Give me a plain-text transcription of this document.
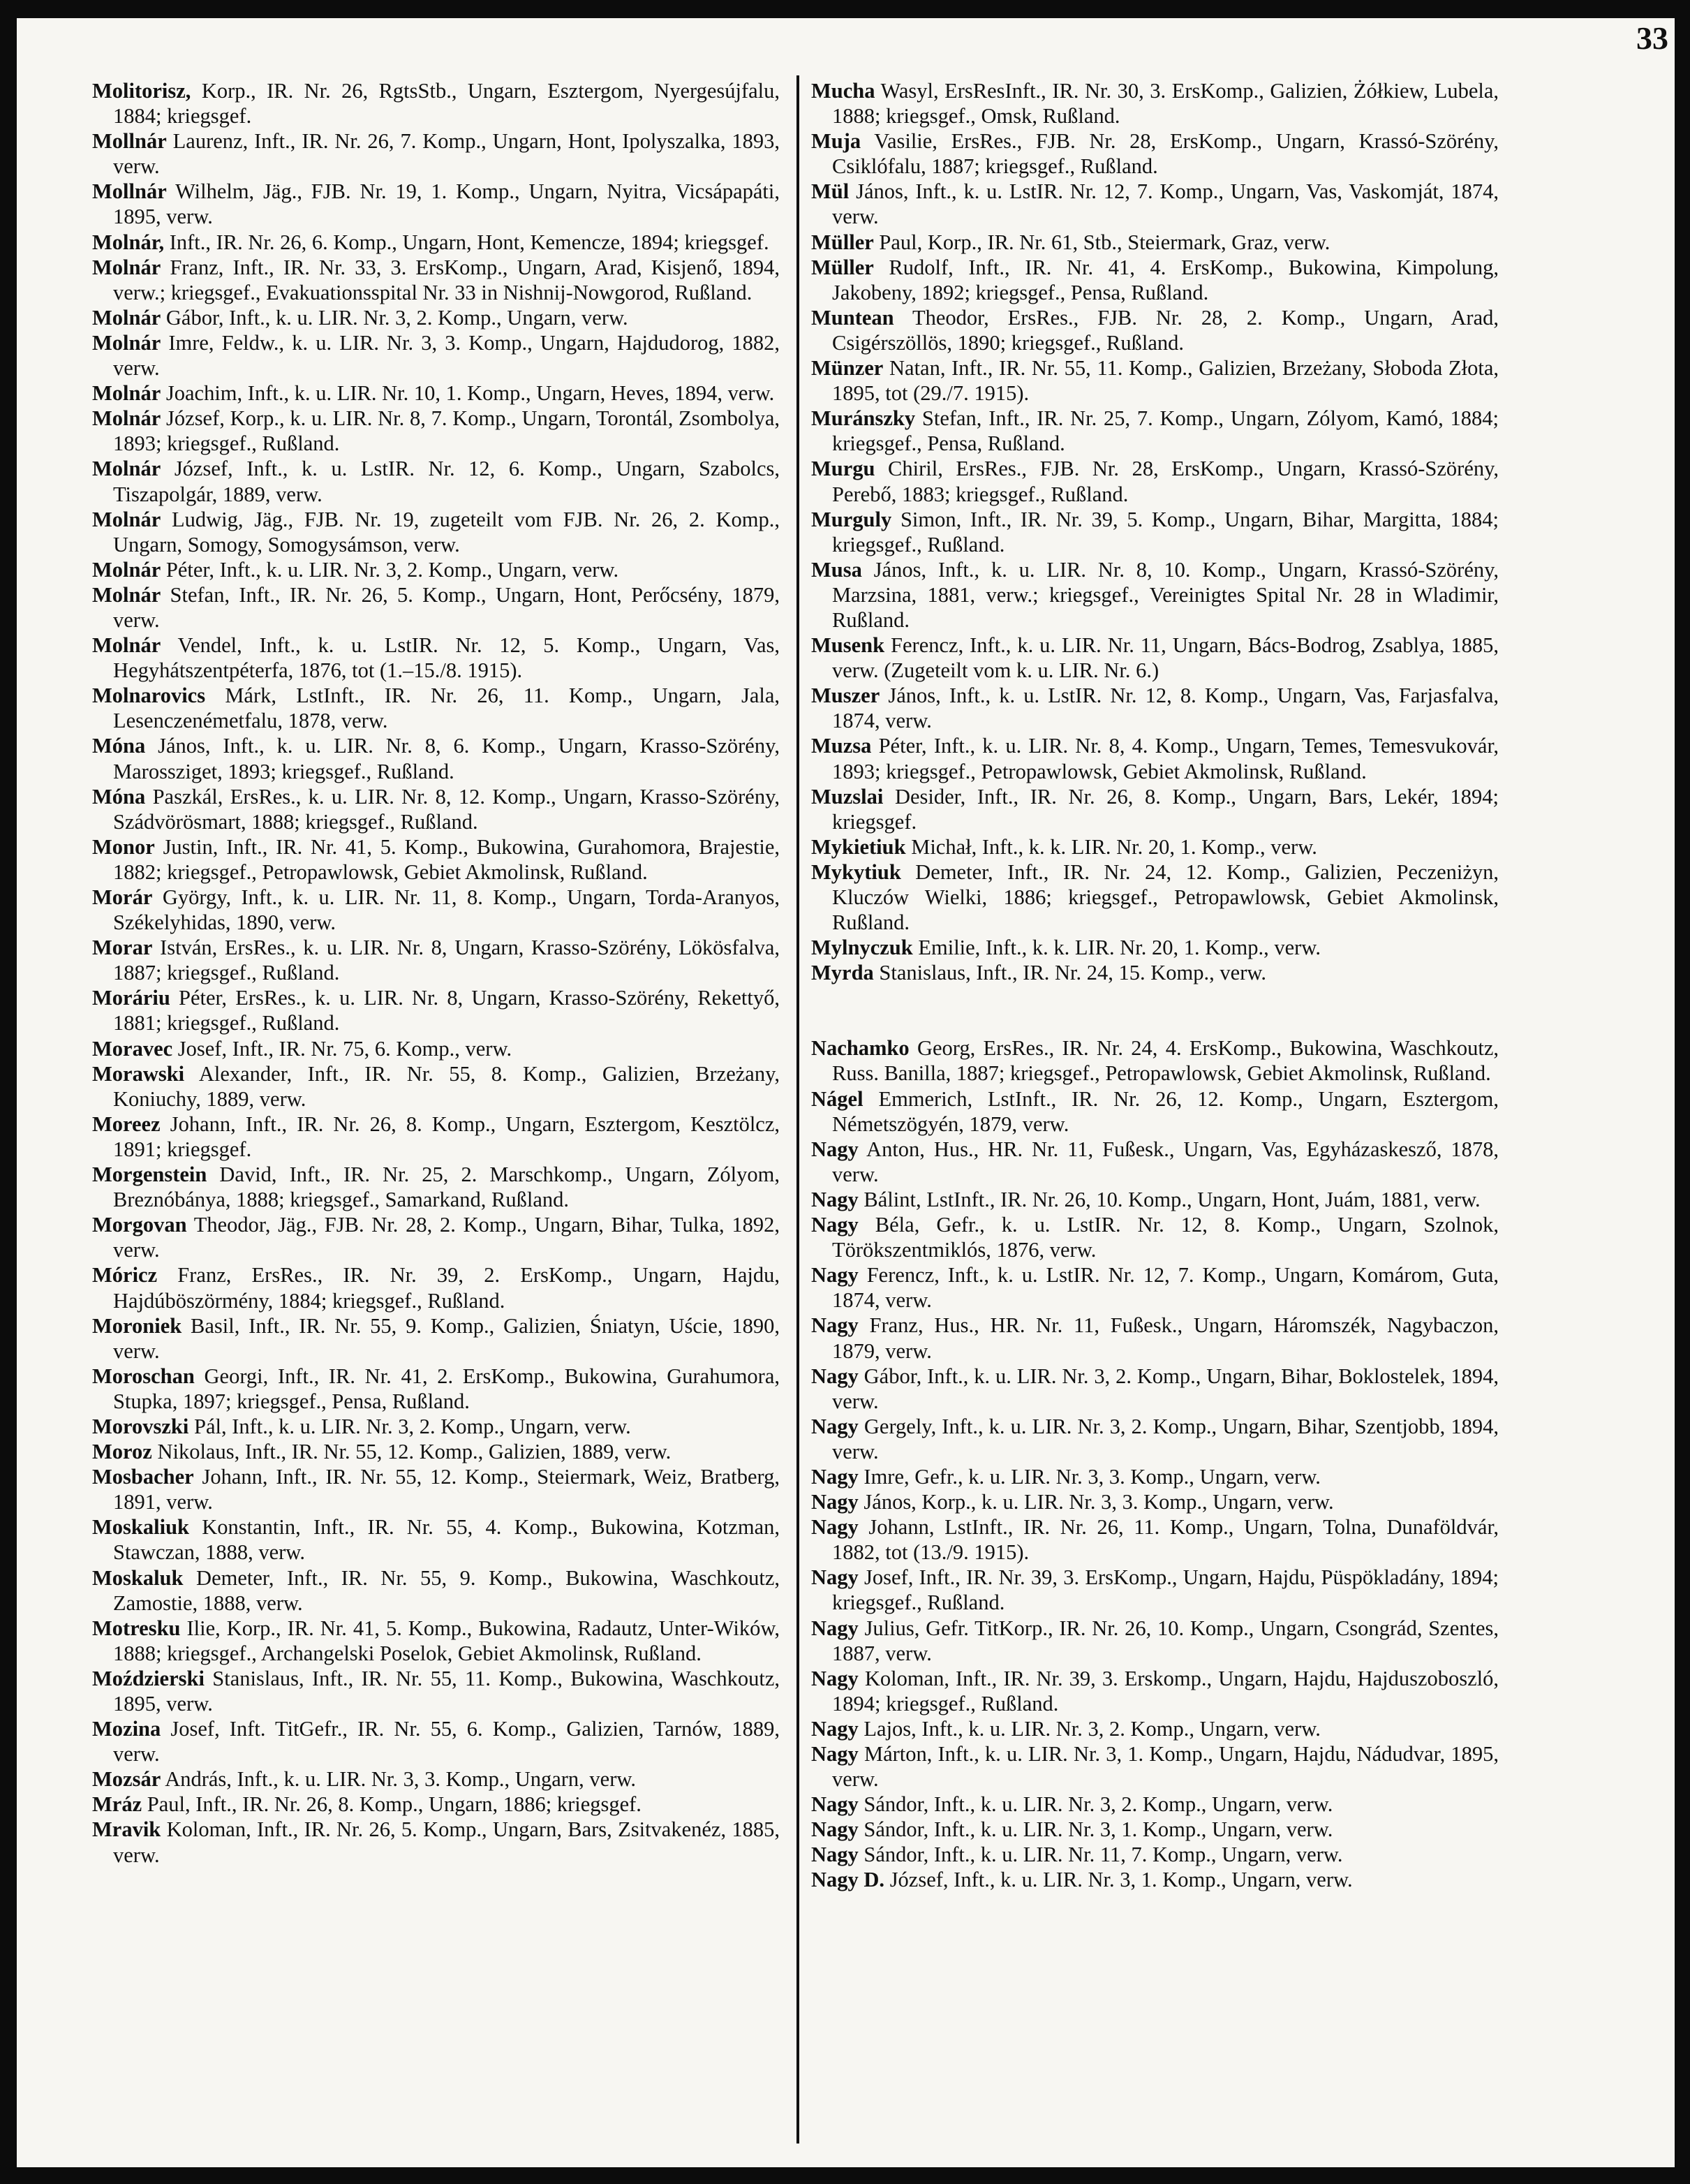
33

Molitorisz, Korp., IR. Nr. 26, RgtsStb., Ungarn, Esztergom, Nyergesújfalu, 1884; kriegsgef.

Mollnár Laurenz, Inft., IR. Nr. 26, 7. Komp., Ungarn, Hont, Ipolyszalka, 1893, verw.

Mollnár Wilhelm, Jäg., FJB. Nr. 19, 1. Komp., Ungarn, Nyitra, Vicsápapáti, 1895, verw.

Molnár, Inft., IR. Nr. 26, 6. Komp., Ungarn, Hont, Kemencze, 1894; kriegsgef.

Molnár Franz, Inft., IR. Nr. 33, 3. ErsKomp., Ungarn, Arad, Kisjenő, 1894, verw.; kriegsgef., Evakuationsspital Nr. 33 in Nishnij-Nowgorod, Rußland.

Molnár Gábor, Inft., k. u. LIR. Nr. 3, 2. Komp., Ungarn, verw.

Molnár Imre, Feldw., k. u. LIR. Nr. 3, 3. Komp., Ungarn, Hajdudorog, 1882, verw.

Molnár Joachim, Inft., k. u. LIR. Nr. 10, 1. Komp., Ungarn, Heves, 1894, verw.

Molnár József, Korp., k. u. LIR. Nr. 8, 7. Komp., Ungarn, Torontál, Zsombolya, 1893; kriegsgef., Rußland.

Molnár József, Inft., k. u. LstIR. Nr. 12, 6. Komp., Ungarn, Szabolcs, Tiszapolgár, 1889, verw.

Molnár Ludwig, Jäg., FJB. Nr. 19, zugeteilt vom FJB. Nr. 26, 2. Komp., Ungarn, Somogy, Somogysámson, verw.

Molnár Péter, Inft., k. u. LIR. Nr. 3, 2. Komp., Ungarn, verw.

Molnár Stefan, Inft., IR. Nr. 26, 5. Komp., Ungarn, Hont, Perőcsény, 1879, verw.

Molnár Vendel, Inft., k. u. LstIR. Nr. 12, 5. Komp., Ungarn, Vas, Hegyhátszentpéterfa, 1876, tot (1.–15./8. 1915).

Molnarovics Márk, LstInft., IR. Nr. 26, 11. Komp., Ungarn, Jala, Lesenczenémetfalu, 1878, verw.

Móna János, Inft., k. u. LIR. Nr. 8, 6. Komp., Ungarn, Krasso-Szörény, Marossziget, 1893; kriegsgef., Rußland.

Móna Paszkál, ErsRes., k. u. LIR. Nr. 8, 12. Komp., Ungarn, Krasso-Szörény, Szádvörösmart, 1888; kriegsgef., Rußland.

Monor Justin, Inft., IR. Nr. 41, 5. Komp., Bukowina, Gurahomora, Brajestie, 1882; kriegsgef., Petropawlowsk, Gebiet Akmolinsk, Rußland.

Morár György, Inft., k. u. LIR. Nr. 11, 8. Komp., Ungarn, Torda-Aranyos, Székelyhidas, 1890, verw.

Morar István, ErsRes., k. u. LIR. Nr. 8, Ungarn, Krasso-Szörény, Lökösfalva, 1887; kriegsgef., Rußland.

Moráriu Péter, ErsRes., k. u. LIR. Nr. 8, Ungarn, Krasso-Szörény, Rekettyő, 1881; kriegsgef., Rußland.

Moravec Josef, Inft., IR. Nr. 75, 6. Komp., verw.

Morawski Alexander, Inft., IR. Nr. 55, 8. Komp., Galizien, Brzeżany, Koniuchy, 1889, verw.

Moreez Johann, Inft., IR. Nr. 26, 8. Komp., Ungarn, Esztergom, Kesztölcz, 1891; kriegsgef.

Morgenstein David, Inft., IR. Nr. 25, 2. Marschkomp., Ungarn, Zólyom, Breznóbánya, 1888; kriegsgef., Samarkand, Rußland.

Morgovan Theodor, Jäg., FJB. Nr. 28, 2. Komp., Ungarn, Bihar, Tulka, 1892, verw.

Móricz Franz, ErsRes., IR. Nr. 39, 2. ErsKomp., Ungarn, Hajdu, Hajdúböszörmény, 1884; kriegsgef., Rußland.

Moroniek Basil, Inft., IR. Nr. 55, 9. Komp., Galizien, Śniatyn, Uście, 1890, verw.

Moroschan Georgi, Inft., IR. Nr. 41, 2. ErsKomp., Bukowina, Gurahumora, Stupka, 1897; kriegsgef., Pensa, Rußland.

Morovszki Pál, Inft., k. u. LIR. Nr. 3, 2. Komp., Ungarn, verw.

Moroz Nikolaus, Inft., IR. Nr. 55, 12. Komp., Galizien, 1889, verw.

Mosbacher Johann, Inft., IR. Nr. 55, 12. Komp., Steiermark, Weiz, Bratberg, 1891, verw.

Moskaliuk Konstantin, Inft., IR. Nr. 55, 4. Komp., Bukowina, Kotzman, Stawczan, 1888, verw.

Moskaluk Demeter, Inft., IR. Nr. 55, 9. Komp., Bukowina, Waschkoutz, Zamostie, 1888, verw.

Motresku Ilie, Korp., IR. Nr. 41, 5. Komp., Bukowina, Radautz, Unter-Wików, 1888; kriegsgef., Archangelski Poselok, Gebiet Akmolinsk, Rußland.

Moździerski Stanislaus, Inft., IR. Nr. 55, 11. Komp., Bukowina, Waschkoutz, 1895, verw.

Mozina Josef, Inft. TitGefr., IR. Nr. 55, 6. Komp., Galizien, Tarnów, 1889, verw.

Mozsár András, Inft., k. u. LIR. Nr. 3, 3. Komp., Ungarn, verw.

Mráz Paul, Inft., IR. Nr. 26, 8. Komp., Ungarn, 1886; kriegsgef.

Mravik Koloman, Inft., IR. Nr. 26, 5. Komp., Ungarn, Bars, Zsitvakenéz, 1885, verw.

Mucha Wasyl, ErsResInft., IR. Nr. 30, 3. ErsKomp., Galizien, Żółkiew, Lubela, 1888; kriegsgef., Omsk, Rußland.

Muja Vasilie, ErsRes., FJB. Nr. 28, ErsKomp., Ungarn, Krassó-Szörény, Csiklófalu, 1887; kriegsgef., Rußland.

Mül János, Inft., k. u. LstIR. Nr. 12, 7. Komp., Ungarn, Vas, Vaskomját, 1874, verw.

Müller Paul, Korp., IR. Nr. 61, Stb., Steiermark, Graz, verw.

Müller Rudolf, Inft., IR. Nr. 41, 4. ErsKomp., Bukowina, Kimpolung, Jakobeny, 1892; kriegsgef., Pensa, Rußland.

Muntean Theodor, ErsRes., FJB. Nr. 28, 2. Komp., Ungarn, Arad, Csigérszöllös, 1890; kriegsgef., Rußland.

Münzer Natan, Inft., IR. Nr. 55, 11. Komp., Galizien, Brzeżany, Słoboda Złota, 1895, tot (29./7. 1915).

Muránszky Stefan, Inft., IR. Nr. 25, 7. Komp., Ungarn, Zólyom, Kamó, 1884; kriegsgef., Pensa, Rußland.

Murgu Chiril, ErsRes., FJB. Nr. 28, ErsKomp., Ungarn, Krassó-Szörény, Perebő, 1883; kriegsgef., Rußland.

Murguly Simon, Inft., IR. Nr. 39, 5. Komp., Ungarn, Bihar, Margitta, 1884; kriegsgef., Rußland.

Musa János, Inft., k. u. LIR. Nr. 8, 10. Komp., Ungarn, Krassó-Szörény, Marzsina, 1881, verw.; kriegsgef., Vereinigtes Spital Nr. 28 in Wladimir, Rußland.

Musenk Ferencz, Inft., k. u. LIR. Nr. 11, Ungarn, Bács-Bodrog, Zsablya, 1885, verw. (Zugeteilt vom k. u. LIR. Nr. 6.)

Muszer János, Inft., k. u. LstIR. Nr. 12, 8. Komp., Ungarn, Vas, Farjasfalva, 1874, verw.

Muzsa Péter, Inft., k. u. LIR. Nr. 8, 4. Komp., Ungarn, Temes, Temesvukovár, 1893; kriegsgef., Petropawlowsk, Gebiet Akmolinsk, Rußland.

Muzslai Desider, Inft., IR. Nr. 26, 8. Komp., Ungarn, Bars, Lekér, 1894; kriegsgef.

Mykietiuk Michał, Inft., k. k. LIR. Nr. 20, 1. Komp., verw.

Mykytiuk Demeter, Inft., IR. Nr. 24, 12. Komp., Galizien, Peczeniżyn, Kluczów Wielki, 1886; kriegsgef., Petropawlowsk, Gebiet Akmolinsk, Rußland.

Mylnyczuk Emilie, Inft., k. k. LIR. Nr. 20, 1. Komp., verw.

Myrda Stanislaus, Inft., IR. Nr. 24, 15. Komp., verw.

Nachamko Georg, ErsRes., IR. Nr. 24, 4. ErsKomp., Bukowina, Waschkoutz, Russ. Banilla, 1887; kriegsgef., Petropawlowsk, Gebiet Akmolinsk, Rußland.

Nágel Emmerich, LstInft., IR. Nr. 26, 12. Komp., Ungarn, Esztergom, Németszögyén, 1879, verw.

Nagy Anton, Hus., HR. Nr. 11, Fußesk., Ungarn, Vas, Egyházaskesző, 1878, verw.

Nagy Bálint, LstInft., IR. Nr. 26, 10. Komp., Ungarn, Hont, Juám, 1881, verw.

Nagy Béla, Gefr., k. u. LstIR. Nr. 12, 8. Komp., Ungarn, Szolnok, Törökszentmiklós, 1876, verw.

Nagy Ferencz, Inft., k. u. LstIR. Nr. 12, 7. Komp., Ungarn, Komárom, Guta, 1874, verw.

Nagy Franz, Hus., HR. Nr. 11, Fußesk., Ungarn, Háromszék, Nagybaczon, 1879, verw.

Nagy Gábor, Inft., k. u. LIR. Nr. 3, 2. Komp., Ungarn, Bihar, Boklostelek, 1894, verw.

Nagy Gergely, Inft., k. u. LIR. Nr. 3, 2. Komp., Ungarn, Bihar, Szentjobb, 1894, verw.

Nagy Imre, Gefr., k. u. LIR. Nr. 3, 3. Komp., Ungarn, verw.

Nagy János, Korp., k. u. LIR. Nr. 3, 3. Komp., Ungarn, verw.

Nagy Johann, LstInft., IR. Nr. 26, 11. Komp., Ungarn, Tolna, Dunaföldvár, 1882, tot (13./9. 1915).

Nagy Josef, Inft., IR. Nr. 39, 3. ErsKomp., Ungarn, Hajdu, Püspökladány, 1894; kriegsgef., Rußland.

Nagy Julius, Gefr. TitKorp., IR. Nr. 26, 10. Komp., Ungarn, Csongrád, Szentes, 1887, verw.

Nagy Koloman, Inft., IR. Nr. 39, 3. Erskomp., Ungarn, Hajdu, Hajduszoboszló, 1894; kriegsgef., Rußland.

Nagy Lajos, Inft., k. u. LIR. Nr. 3, 2. Komp., Ungarn, verw.

Nagy Márton, Inft., k. u. LIR. Nr. 3, 1. Komp., Ungarn, Hajdu, Nádudvar, 1895, verw.

Nagy Sándor, Inft., k. u. LIR. Nr. 3, 2. Komp., Ungarn, verw.

Nagy Sándor, Inft., k. u. LIR. Nr. 3, 1. Komp., Ungarn, verw.

Nagy Sándor, Inft., k. u. LIR. Nr. 11, 7. Komp., Ungarn, verw.

Nagy D. József, Inft., k. u. LIR. Nr. 3, 1. Komp., Ungarn, verw.
